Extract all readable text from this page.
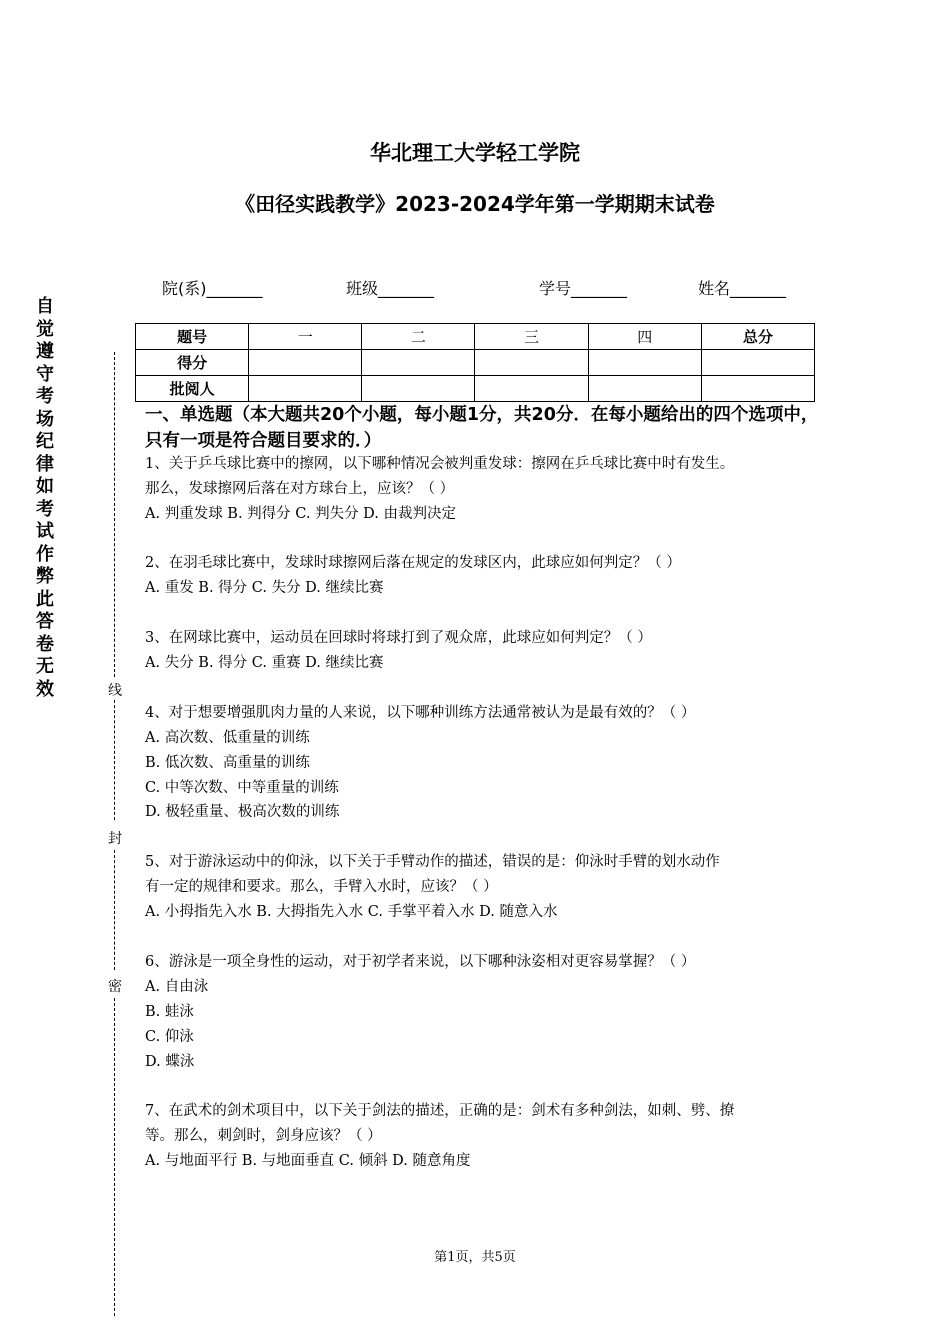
华北理工大学轻工学院
《田径实践教学》2023-2024学年第一学期期末试卷
院(系)_______	班级_______	学号_______	姓名_______
自觉遵守考场纪律如考试作弊此答卷无效	线
封
密
题号	一	二	三	四	总分
得分					
批阅人					
一、单选题（本大题共20个小题，每小题1分，共20分．在每小题给出的四个选项中，只有一项是符合题目要求的．）
1、关于乒乓球比赛中的擦网，以下哪种情况会被判重发球：擦网在乒乓球比赛中时有发生。
那么，发球擦网后落在对方球台上，应该？（ ）
A. 判重发球 B. 判得分 C. 判失分 D. 由裁判决定
2、在羽毛球比赛中，发球时球擦网后落在规定的发球区内，此球应如何判定？（ ）
A. 重发 B. 得分 C. 失分 D. 继续比赛
3、在网球比赛中，运动员在回球时将球打到了观众席，此球应如何判定？（ ）
A. 失分 B. 得分 C. 重赛 D. 继续比赛
4、对于想要增强肌肉力量的人来说，以下哪种训练方法通常被认为是最有效的？（ ）
A. 高次数、低重量的训练
B. 低次数、高重量的训练
C. 中等次数、中等重量的训练
D. 极轻重量、极高次数的训练
5、对于游泳运动中的仰泳，以下关于手臂动作的描述，错误的是：仰泳时手臂的划水动作
有一定的规律和要求。那么，手臂入水时，应该？（ ）
A. 小拇指先入水 B. 大拇指先入水 C. 手掌平着入水 D. 随意入水
6、游泳是一项全身性的运动，对于初学者来说，以下哪种泳姿相对更容易掌握？（ ）
A. 自由泳
B. 蛙泳
C. 仰泳
D. 蝶泳
7、在武术的剑术项目中，以下关于剑法的描述，正确的是：剑术有多种剑法，如刺、劈、撩
等。那么，刺剑时，剑身应该？（ ）
A. 与地面平行 B. 与地面垂直 C. 倾斜 D. 随意角度
第1页，共5页
